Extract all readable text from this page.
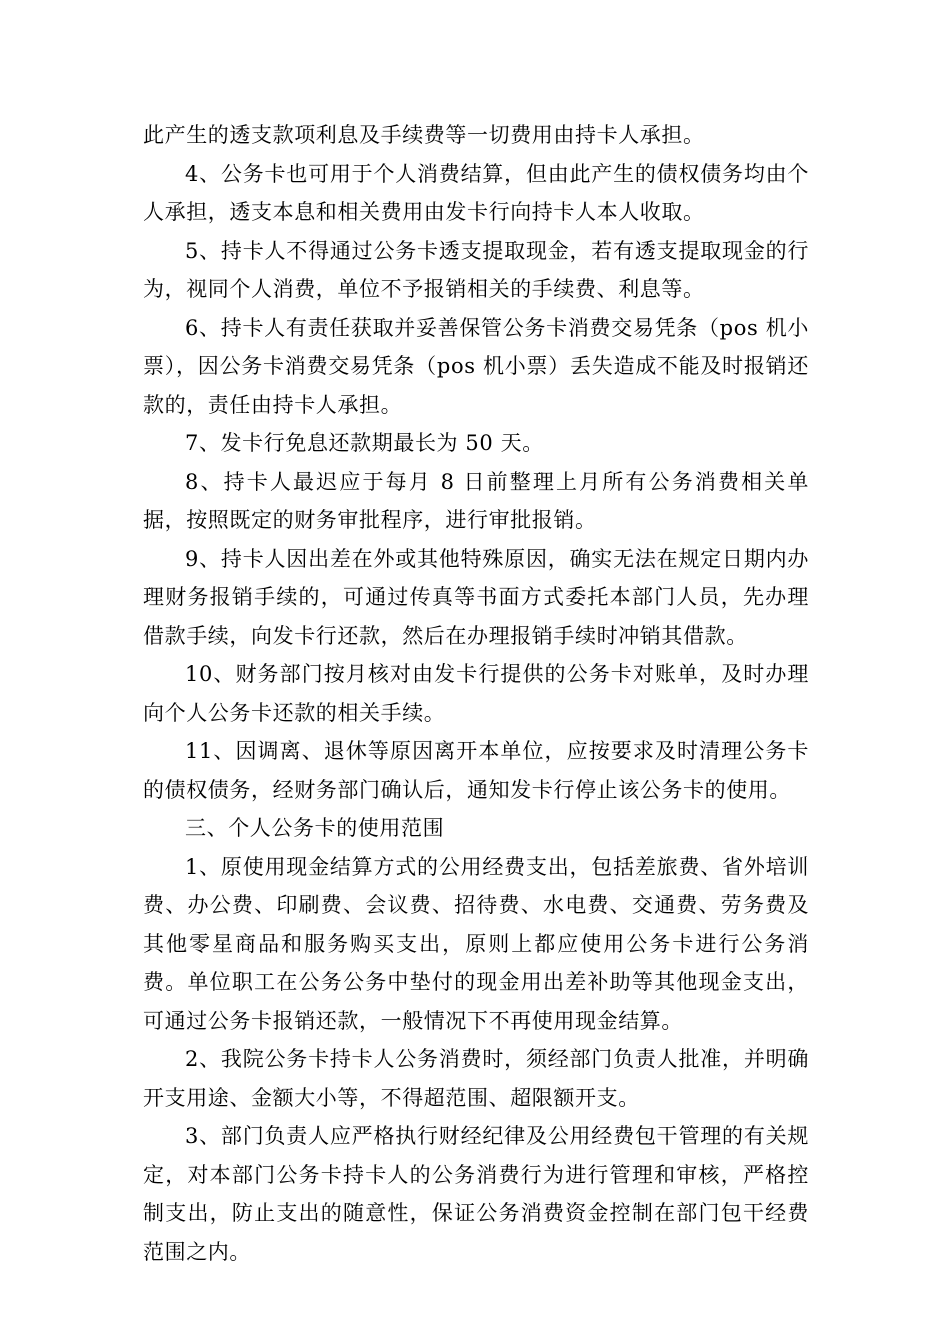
此产生的透支款项利息及手续费等一切费用由持卡人承担。

4、公务卡也可用于个人消费结算，但由此产生的债权债务均由个人承担，透支本息和相关费用由发卡行向持卡人本人收取。

5、持卡人不得通过公务卡透支提取现金，若有透支提取现金的行为，视同个人消费，单位不予报销相关的手续费、利息等。

6、持卡人有责任获取并妥善保管公务卡消费交易凭条（pos 机小票），因公务卡消费交易凭条（pos 机小票）丢失造成不能及时报销还款的，责任由持卡人承担。

7、发卡行免息还款期最长为 50 天。

8、持卡人最迟应于每月 8 日前整理上月所有公务消费相关单据，按照既定的财务审批程序，进行审批报销。

9、持卡人因出差在外或其他特殊原因，确实无法在规定日期内办理财务报销手续的，可通过传真等书面方式委托本部门人员，先办理借款手续，向发卡行还款，然后在办理报销手续时冲销其借款。

10、财务部门按月核对由发卡行提供的公务卡对账单，及时办理向个人公务卡还款的相关手续。

11、因调离、退休等原因离开本单位，应按要求及时清理公务卡的债权债务，经财务部门确认后，通知发卡行停止该公务卡的使用。

三、个人公务卡的使用范围

1、原使用现金结算方式的公用经费支出，包括差旅费、省外培训费、办公费、印刷费、会议费、招待费、水电费、交通费、劳务费及其他零星商品和服务购买支出，原则上都应使用公务卡进行公务消费。单位职工在公务公务中垫付的现金用出差补助等其他现金支出，可通过公务卡报销还款，一般情况下不再使用现金结算。

2、我院公务卡持卡人公务消费时，须经部门负责人批准，并明确开支用途、金额大小等，不得超范围、超限额开支。

3、部门负责人应严格执行财经纪律及公用经费包干管理的有关规定，对本部门公务卡持卡人的公务消费行为进行管理和审核，严格控制支出，防止支出的随意性，保证公务消费资金控制在部门包干经费范围之内。
